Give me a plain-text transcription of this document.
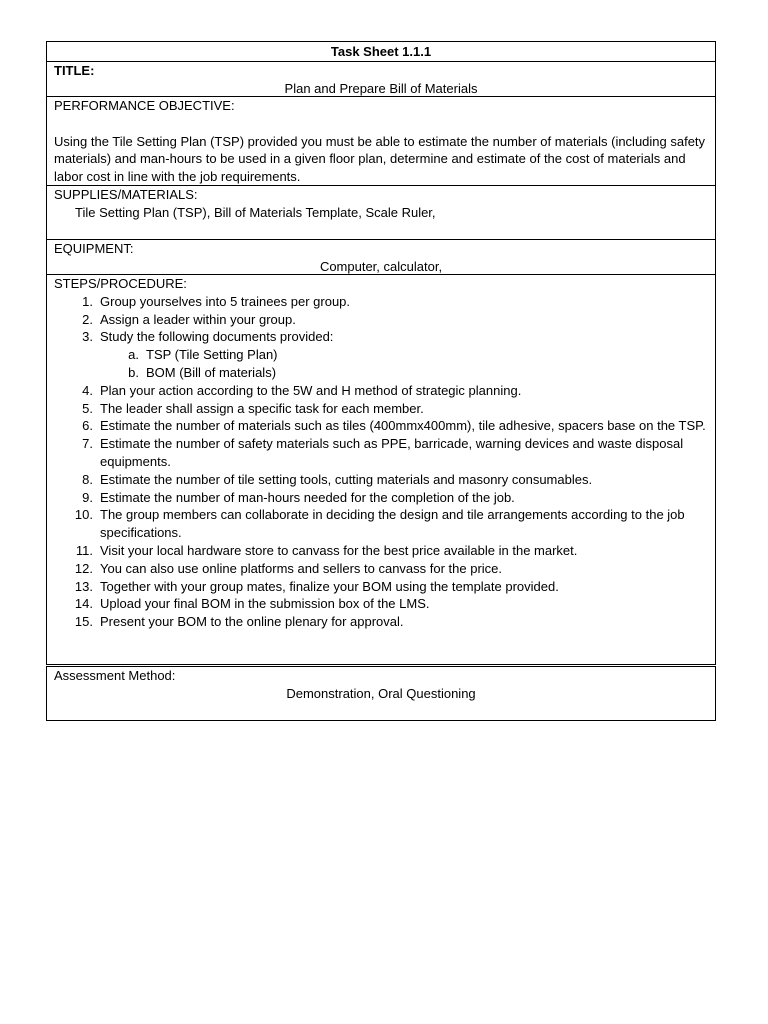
Task Sheet 1.1.1
TITLE:
Plan and Prepare Bill of Materials
PERFORMANCE OBJECTIVE:
Using the Tile Setting Plan (TSP) provided you must be able to estimate the number of materials (including safety materials) and man-hours to be used in a given floor plan, determine and estimate of the cost of materials and labor cost in line with the job requirements.
SUPPLIES/MATERIALS:
Tile Setting Plan (TSP), Bill of Materials Template, Scale Ruler,
EQUIPMENT:
Computer, calculator,
STEPS/PROCEDURE:
1. Group yourselves into 5 trainees per group.
2. Assign a leader within your group.
3. Study the following documents provided:
a. TSP (Tile Setting Plan)
b. BOM (Bill of materials)
4. Plan your action according to the 5W and H method of strategic planning.
5. The leader shall assign a specific task for each member.
6. Estimate the number of materials such as tiles (400mmx400mm), tile adhesive, spacers base on the TSP.
7. Estimate the number of safety materials such as PPE, barricade, warning devices and waste disposal equipments.
8. Estimate the number of tile setting tools, cutting materials and masonry consumables.
9. Estimate the number of man-hours needed for the completion of the job.
10. The group members can collaborate in deciding the design and tile arrangements according to the job specifications.
11. Visit your local hardware store to canvass for the best price available in the market.
12. You can also use online platforms and sellers to canvass for the price.
13. Together with your group mates, finalize your BOM using the template provided.
14. Upload your final BOM in the submission box of the LMS.
15. Present your BOM to the online plenary for approval.
Assessment Method:
Demonstration, Oral Questioning
